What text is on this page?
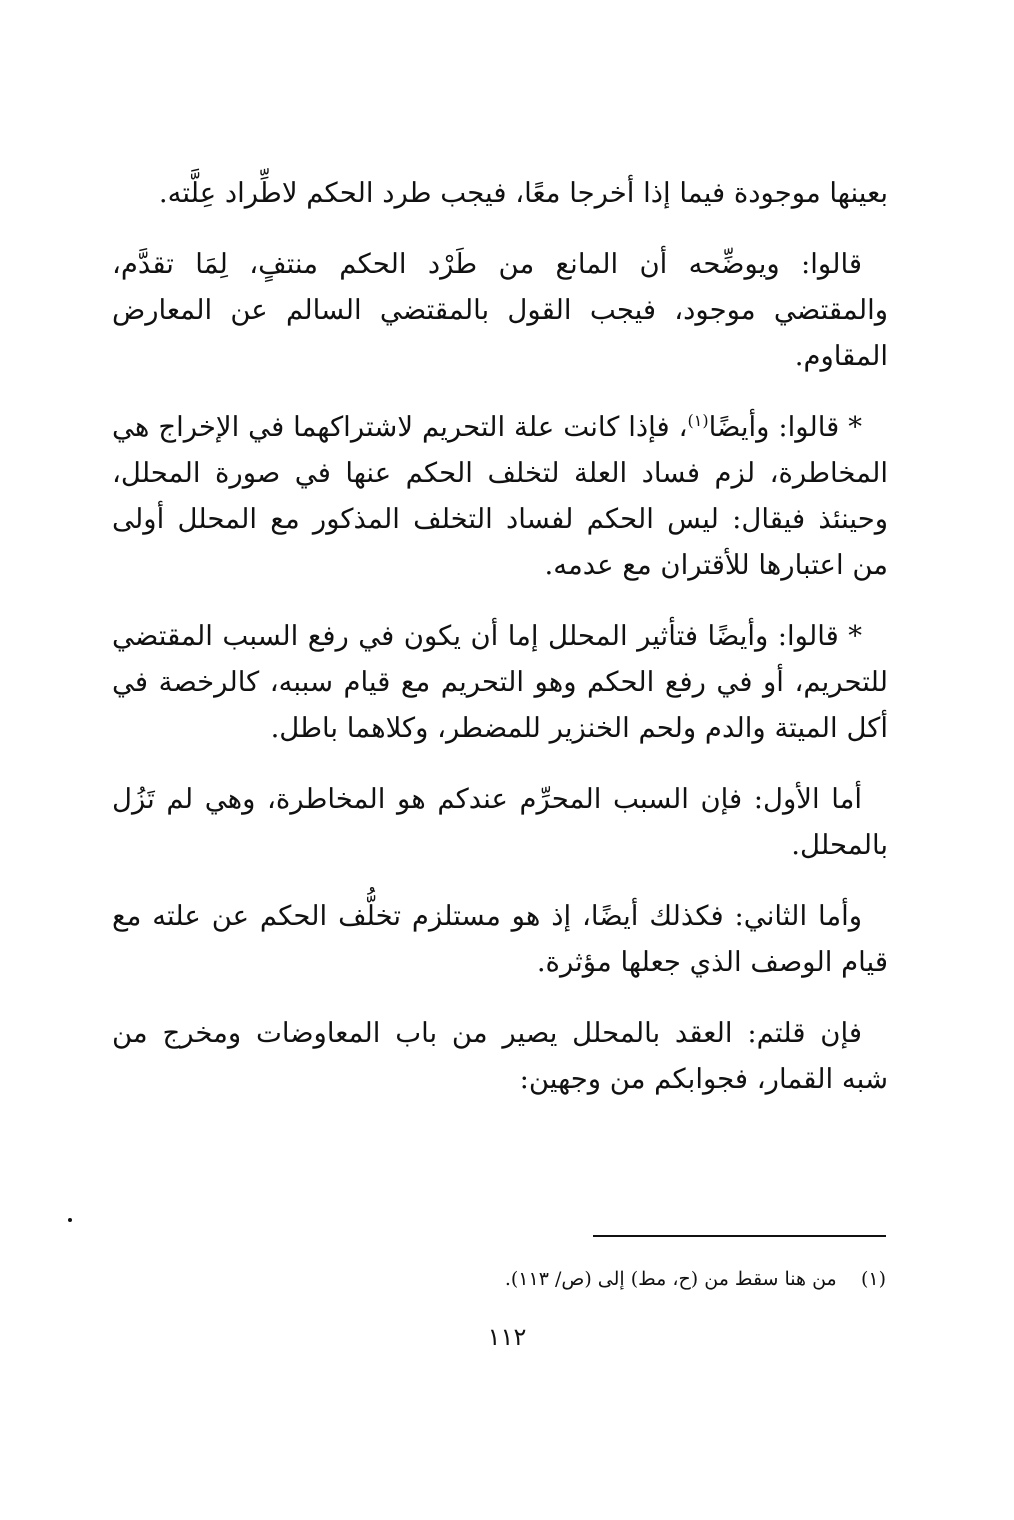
بعينها موجودة فيما إذا أخرجا معًا، فيجب طرد الحكم لاطِّراد عِلَّته.

قالوا: ويوضِّحه أن المانع من طَرْد الحكم منتفٍ، لِمَا تقدَّم، والمقتضي موجود، فيجب القول بالمقتضي السالم عن المعارض المقاوم.

* قالوا: وأيضًا$^{(١)}$، فإذا كانت علة التحريم لاشتراكهما في الإخراج هي المخاطرة، لزم فساد العلة لتخلف الحكم عنها في صورة المحلل، وحينئذ فيقال: ليس الحكم لفساد التخلف المذكور مع المحلل أولى من اعتبارها للأقتران مع عدمه.

* قالوا: وأيضًا فتأثير المحلل إما أن يكون في رفع السبب المقتضي للتحريم، أو في رفع الحكم وهو التحريم مع قيام سببه، كالرخصة في أكل الميتة والدم ولحم الخنزير للمضطر، وكلاهما باطل.

أما الأول: فإن السبب المحرِّم عندكم هو المخاطرة، وهي لم تَزُل بالمحلل.

وأما الثاني: فكذلك أيضًا، إذ هو مستلزم تخلُّف الحكم عن علته مع قيام الوصف الذي جعلها مؤثرة.

فإن قلتم: العقد بالمحلل يصير من باب المعاوضات ومخرج من شبه القمار، فجوابكم من وجهين:

(١)    من هنا سقط من (ح، مط) إلى (ص/ ١١٣).
١١٢
